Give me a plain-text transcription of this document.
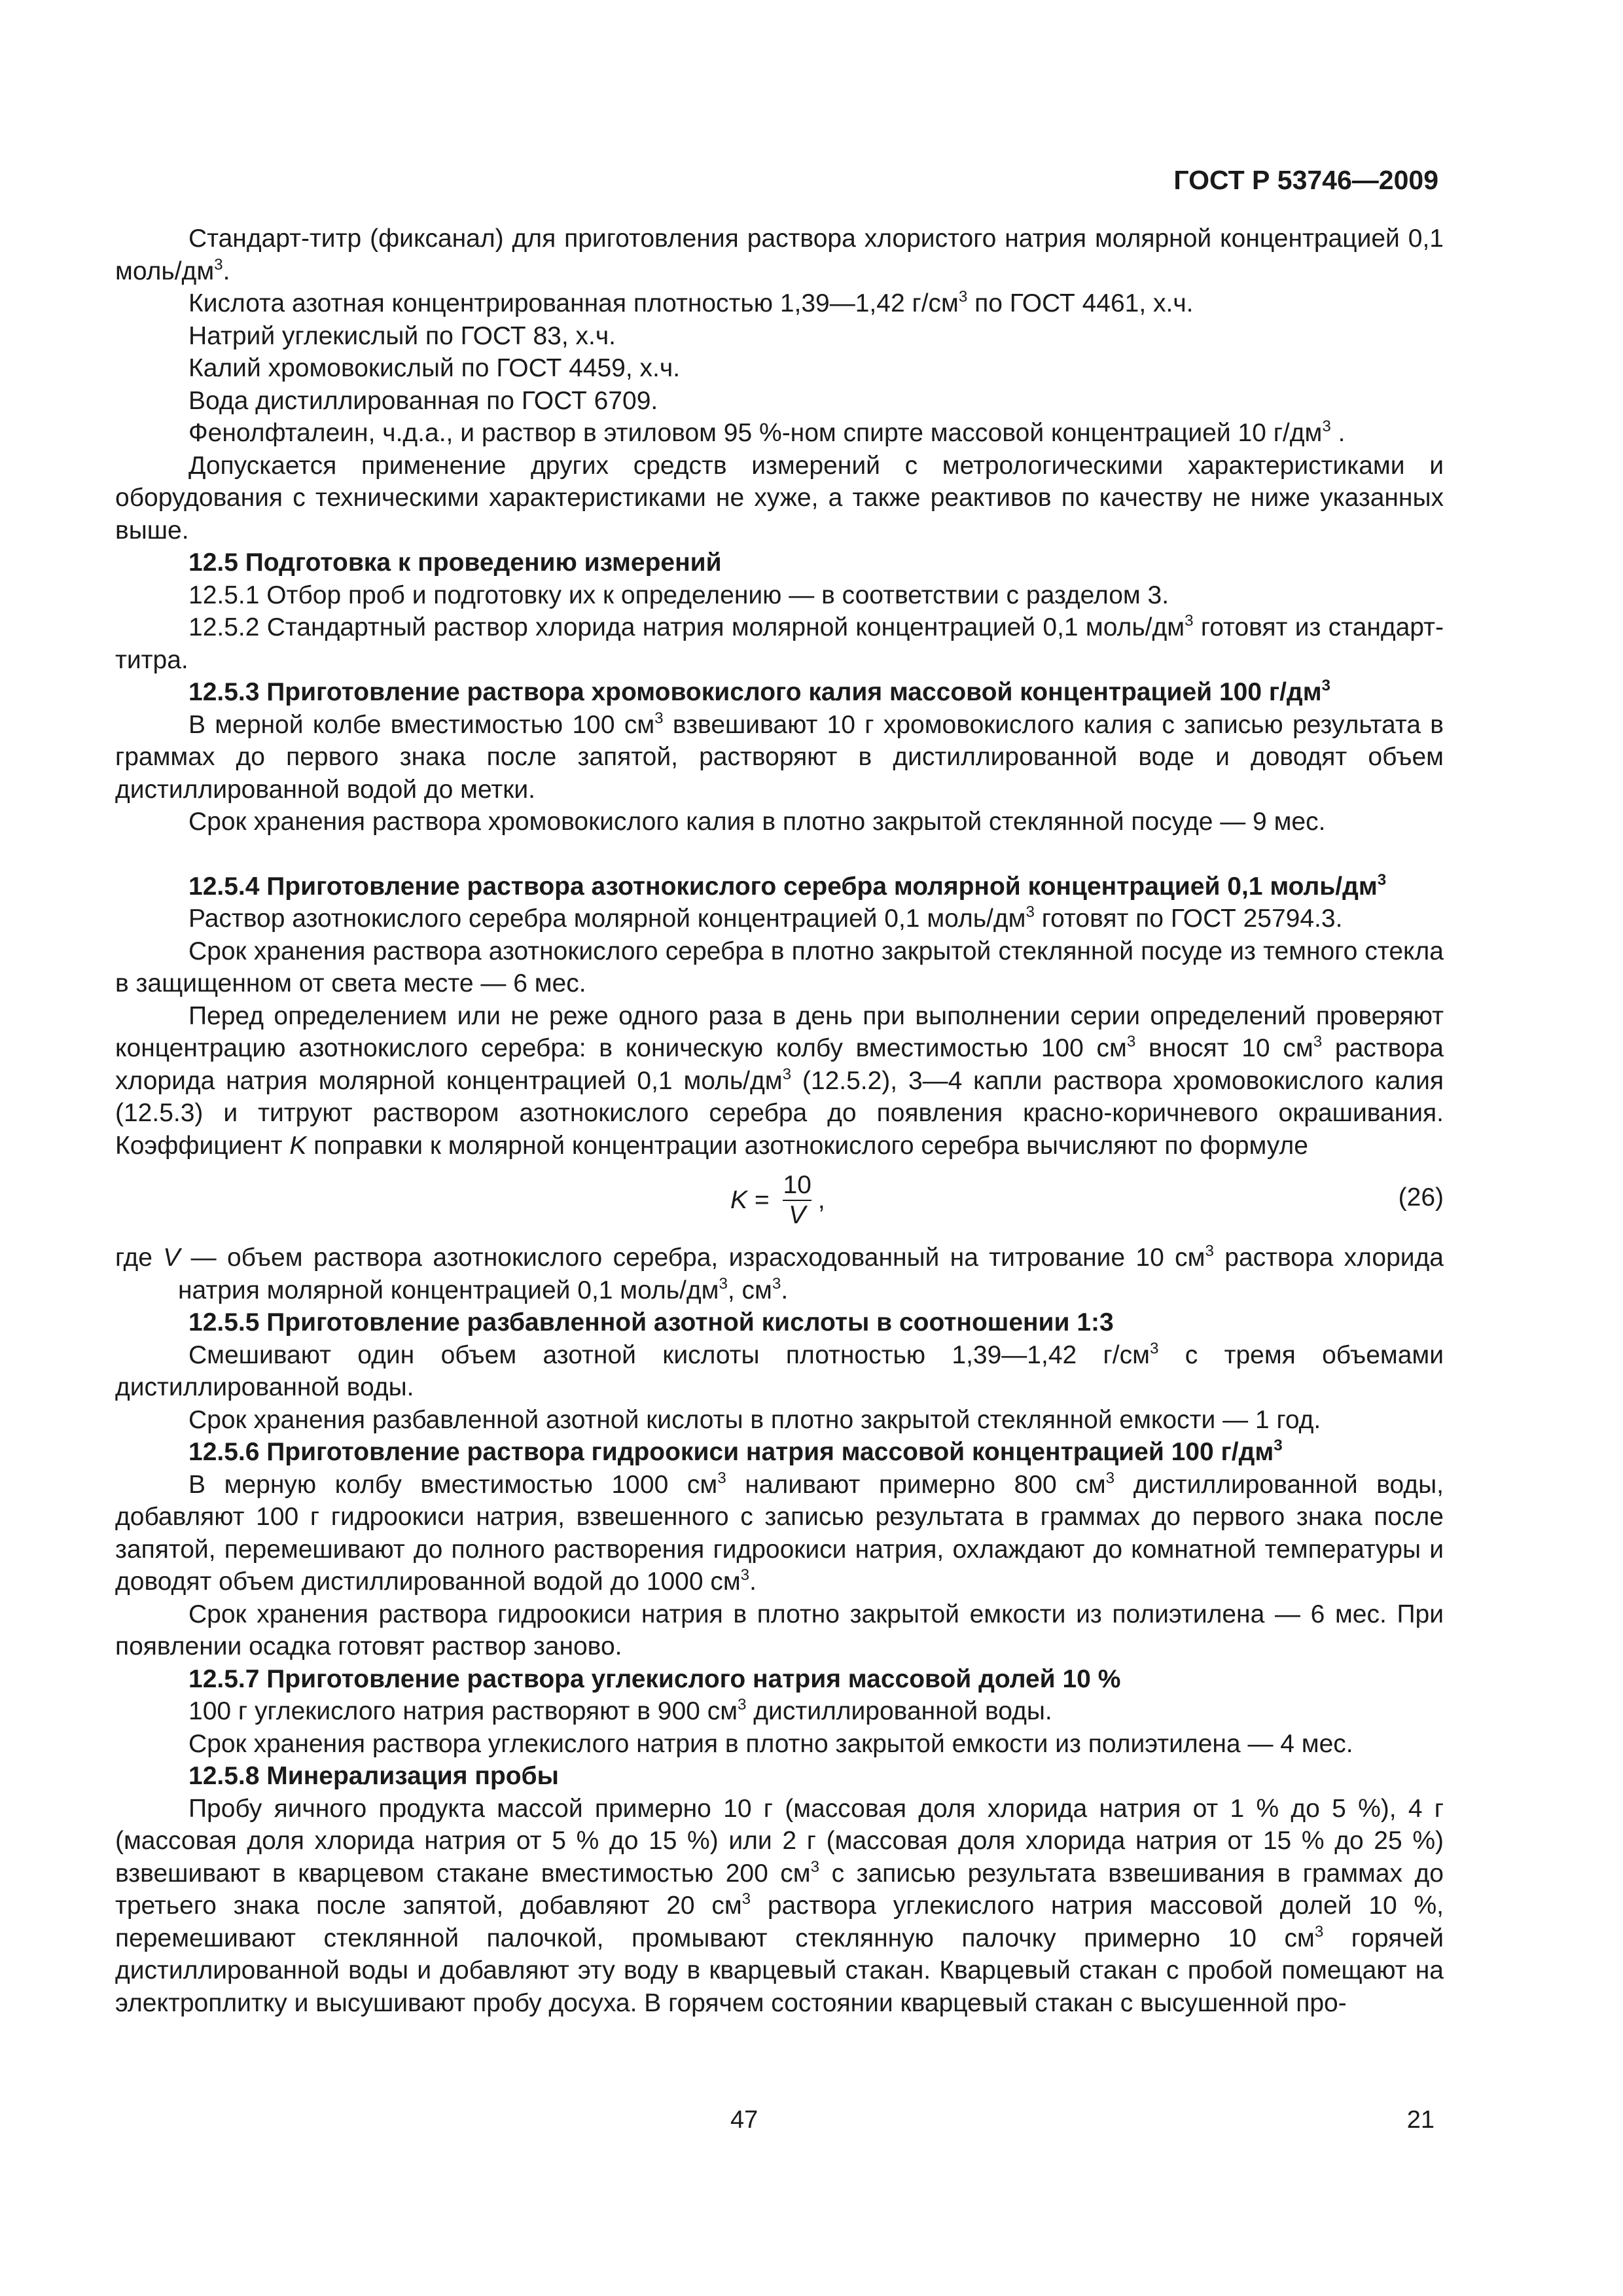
ГОСТ Р 53746—2009

Стандарт-титр (фиксанал) для приготовления раствора хлористого натрия молярной концентрацией 0,1 моль/$дм^3$.

Кислота азотная концентрированная плотностью 1,39—1,42 $г/см^3$ по ГОСТ 4461, х.ч.

Натрий углекислый по ГОСТ 83, х.ч.

Калий хромовокислый по ГОСТ 4459, х.ч.

Вода дистиллированная по ГОСТ 6709.

Фенолфталеин, ч.д.а., и раствор в этиловом 95 %-ном спирте массовой концентрацией 10 $г/дм^3$ .

Допускается применение других средств измерений с метрологическими характеристиками и оборудования с техническими характеристиками не хуже, а также реактивов по качеству не ниже указанных выше.

12.5 Подготовка к проведению измерений

12.5.1 Отбор проб и подготовку их к определению — в соответствии с разделом 3.

12.5.2 Стандартный раствор хлорида натрия молярной концентрацией 0,1 моль/$дм^3$ готовят из стандарт-титра.

12.5.3 Приготовление раствора хромовокислого калия массовой концентрацией 100 $г/дм^3$

В мерной колбе вместимостью 100 $см^3$ взвешивают 10 г хромовокислого калия с записью результата в граммах до первого знака после запятой, растворяют в дистиллированной воде и доводят объем дистиллированной водой до метки.

Срок хранения раствора хромовокислого калия в плотно закрытой стеклянной посуде — 9 мес.

12.5.4 Приготовление раствора азотнокислого серебра молярной концентрацией 0,1 моль/$дм^3$

Раствор азотнокислого серебра молярной концентрацией 0,1 моль/$дм^3$ готовят по ГОСТ 25794.3.

Срок хранения раствора азотнокислого серебра в плотно закрытой стеклянной посуде из темного стекла в защищенном от света месте — 6 мес.

Перед определением или не реже одного раза в день при выполнении серии определений проверяют концентрацию азотнокислого серебра: в коническую колбу вместимостью 100 $см^3$ вносят 10 $см^3$ раствора хлорида натрия молярной концентрацией 0,1 моль/$дм^3$ (12.5.2), 3—4 капли раствора хромовокислого калия (12.5.3) и титруют раствором азотнокислого серебра до появления красно-коричневого окрашивания. Коэффициент K поправки к молярной концентрации азотнокислого серебра вычисляют по формуле

$K = \frac{10}{V}$ ,	(26)

где V — объем раствора азотнокислого серебра, израсходованный на титрование 10 $см^3$ раствора хлорида натрия молярной концентрацией 0,1 моль/$дм^3$, $см^3$.

12.5.5 Приготовление разбавленной азотной кислоты в соотношении 1:3

Смешивают один объем азотной кислоты плотностью 1,39—1,42 $г/см^3$ с тремя объемами дистиллированной воды.

Срок хранения разбавленной азотной кислоты в плотно закрытой стеклянной емкости — 1 год.

12.5.6 Приготовление раствора гидроокиси натрия массовой концентрацией 100 $г/дм^3$

В мерную колбу вместимостью 1000 $см^3$ наливают примерно 800 $см^3$ дистиллированной воды, добавляют 100 г гидроокиси натрия, взвешенного с записью результата в граммах до первого знака после запятой, перемешивают до полного растворения гидроокиси натрия, охлаждают до комнатной температуры и доводят объем дистиллированной водой до 1000 $см^3$.

Срок хранения раствора гидроокиси натрия в плотно закрытой емкости из полиэтилена — 6 мес. При появлении осадка готовят раствор заново.

12.5.7 Приготовление раствора углекислого натрия массовой долей 10 %

100 г углекислого натрия растворяют в 900 $см^3$ дистиллированной воды.

Срок хранения раствора углекислого натрия в плотно закрытой емкости из полиэтилена — 4 мес.

12.5.8 Минерализация пробы

Пробу яичного продукта массой примерно 10 г (массовая доля хлорида натрия от 1 % до 5 %), 4 г (массовая доля хлорида натрия от 5 % до 15 %) или 2 г (массовая доля хлорида натрия от 15 % до 25 %) взвешивают в кварцевом стакане вместимостью 200 $см^3$ с записью результата взвешивания в граммах до третьего знака после запятой, добавляют 20 $см^3$ раствора углекислого натрия массовой долей 10 %, перемешивают стеклянной палочкой, промывают стеклянную палочку примерно 10 $см^3$ горячей дистиллированной воды и добавляют эту воду в кварцевый стакан. Кварцевый стакан с пробой помещают на электроплитку и высушивают пробу досуха. В горячем состоянии кварцевый стакан с высушенной про-

47	21
